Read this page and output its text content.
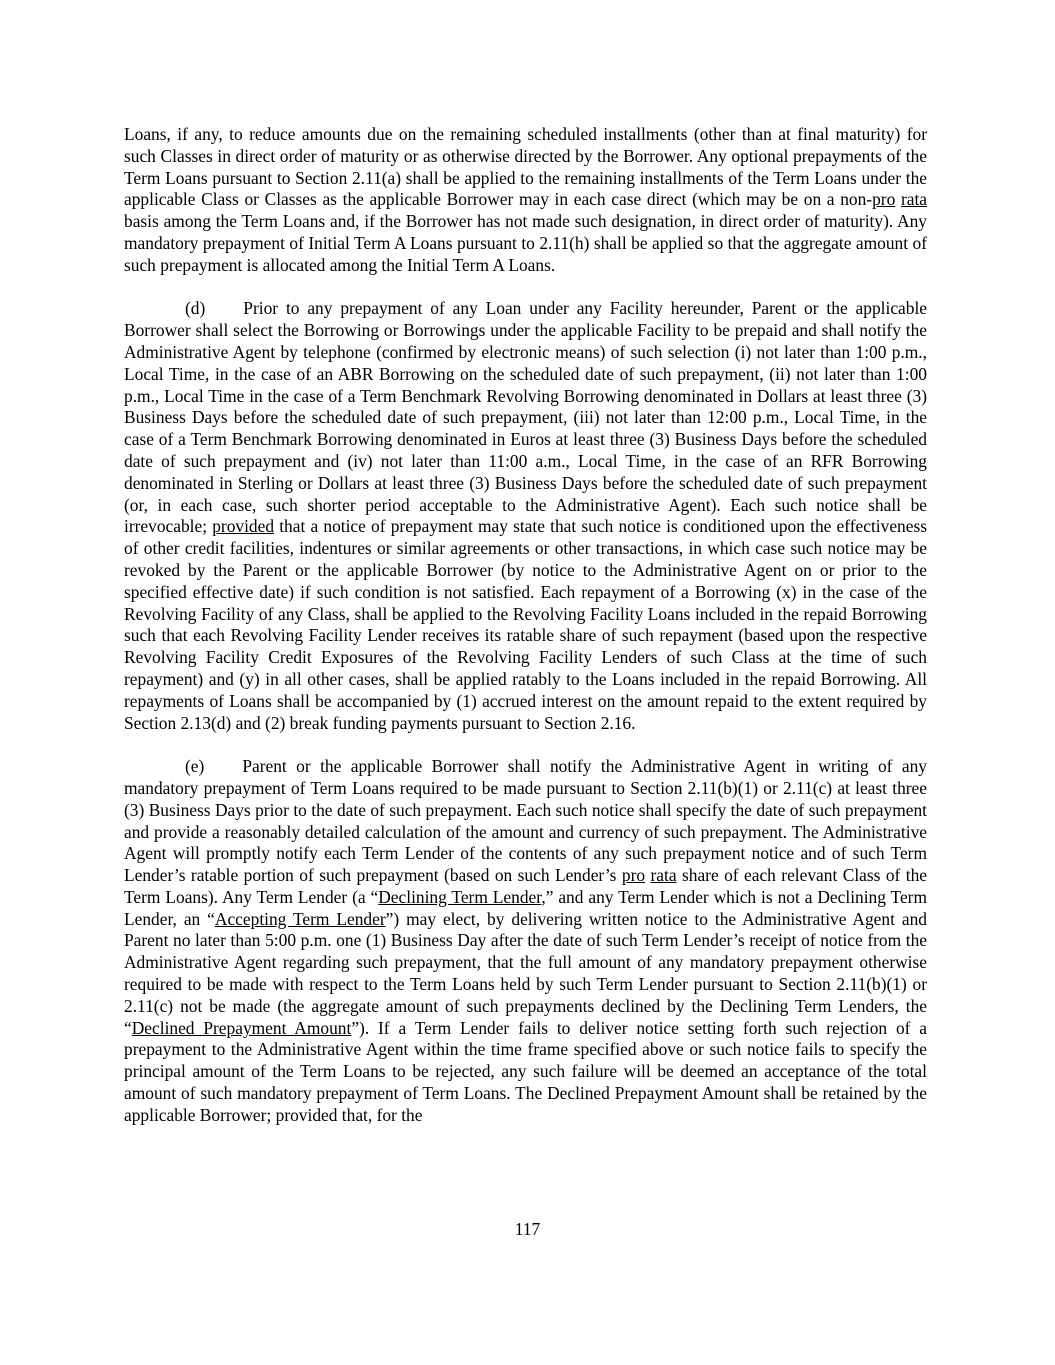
Loans, if any, to reduce amounts due on the remaining scheduled installments (other than at final maturity) for such Classes in direct order of maturity or as otherwise directed by the Borrower. Any optional prepayments of the Term Loans pursuant to Section 2.11(a) shall be applied to the remaining installments of the Term Loans under the applicable Class or Classes as the applicable Borrower may in each case direct (which may be on a non-pro rata basis among the Term Loans and, if the Borrower has not made such designation, in direct order of maturity). Any mandatory prepayment of Initial Term A Loans pursuant to 2.11(h) shall be applied so that the aggregate amount of such prepayment is allocated among the Initial Term A Loans.

(d) Prior to any prepayment of any Loan under any Facility hereunder, Parent or the applicable Borrower shall select the Borrowing or Borrowings under the applicable Facility to be prepaid and shall notify the Administrative Agent by telephone (confirmed by electronic means) of such selection (i) not later than 1:00 p.m., Local Time, in the case of an ABR Borrowing on the scheduled date of such prepayment, (ii) not later than 1:00 p.m., Local Time in the case of a Term Benchmark Revolving Borrowing denominated in Dollars at least three (3) Business Days before the scheduled date of such prepayment, (iii) not later than 12:00 p.m., Local Time, in the case of a Term Benchmark Borrowing denominated in Euros at least three (3) Business Days before the scheduled date of such prepayment and (iv) not later than 11:00 a.m., Local Time, in the case of an RFR Borrowing denominated in Sterling or Dollars at least three (3) Business Days before the scheduled date of such prepayment (or, in each case, such shorter period acceptable to the Administrative Agent). Each such notice shall be irrevocable; provided that a notice of prepayment may state that such notice is conditioned upon the effectiveness of other credit facilities, indentures or similar agreements or other transactions, in which case such notice may be revoked by the Parent or the applicable Borrower (by notice to the Administrative Agent on or prior to the specified effective date) if such condition is not satisfied. Each repayment of a Borrowing (x) in the case of the Revolving Facility of any Class, shall be applied to the Revolving Facility Loans included in the repaid Borrowing such that each Revolving Facility Lender receives its ratable share of such repayment (based upon the respective Revolving Facility Credit Exposures of the Revolving Facility Lenders of such Class at the time of such repayment) and (y) in all other cases, shall be applied ratably to the Loans included in the repaid Borrowing. All repayments of Loans shall be accompanied by (1) accrued interest on the amount repaid to the extent required by Section 2.13(d) and (2) break funding payments pursuant to Section 2.16.

(e) Parent or the applicable Borrower shall notify the Administrative Agent in writing of any mandatory prepayment of Term Loans required to be made pursuant to Section 2.11(b)(1) or 2.11(c) at least three (3) Business Days prior to the date of such prepayment. Each such notice shall specify the date of such prepayment and provide a reasonably detailed calculation of the amount and currency of such prepayment. The Administrative Agent will promptly notify each Term Lender of the contents of any such prepayment notice and of such Term Lender’s ratable portion of such prepayment (based on such Lender’s pro rata share of each relevant Class of the Term Loans). Any Term Lender (a “Declining Term Lender,” and any Term Lender which is not a Declining Term Lender, an “Accepting Term Lender”) may elect, by delivering written notice to the Administrative Agent and Parent no later than 5:00 p.m. one (1) Business Day after the date of such Term Lender’s receipt of notice from the Administrative Agent regarding such prepayment, that the full amount of any mandatory prepayment otherwise required to be made with respect to the Term Loans held by such Term Lender pursuant to Section 2.11(b)(1) or 2.11(c) not be made (the aggregate amount of such prepayments declined by the Declining Term Lenders, the “Declined Prepayment Amount”). If a Term Lender fails to deliver notice setting forth such rejection of a prepayment to the Administrative Agent within the time frame specified above or such notice fails to specify the principal amount of the Term Loans to be rejected, any such failure will be deemed an acceptance of the total amount of such mandatory prepayment of Term Loans. The Declined Prepayment Amount shall be retained by the applicable Borrower; provided that, for the

117
